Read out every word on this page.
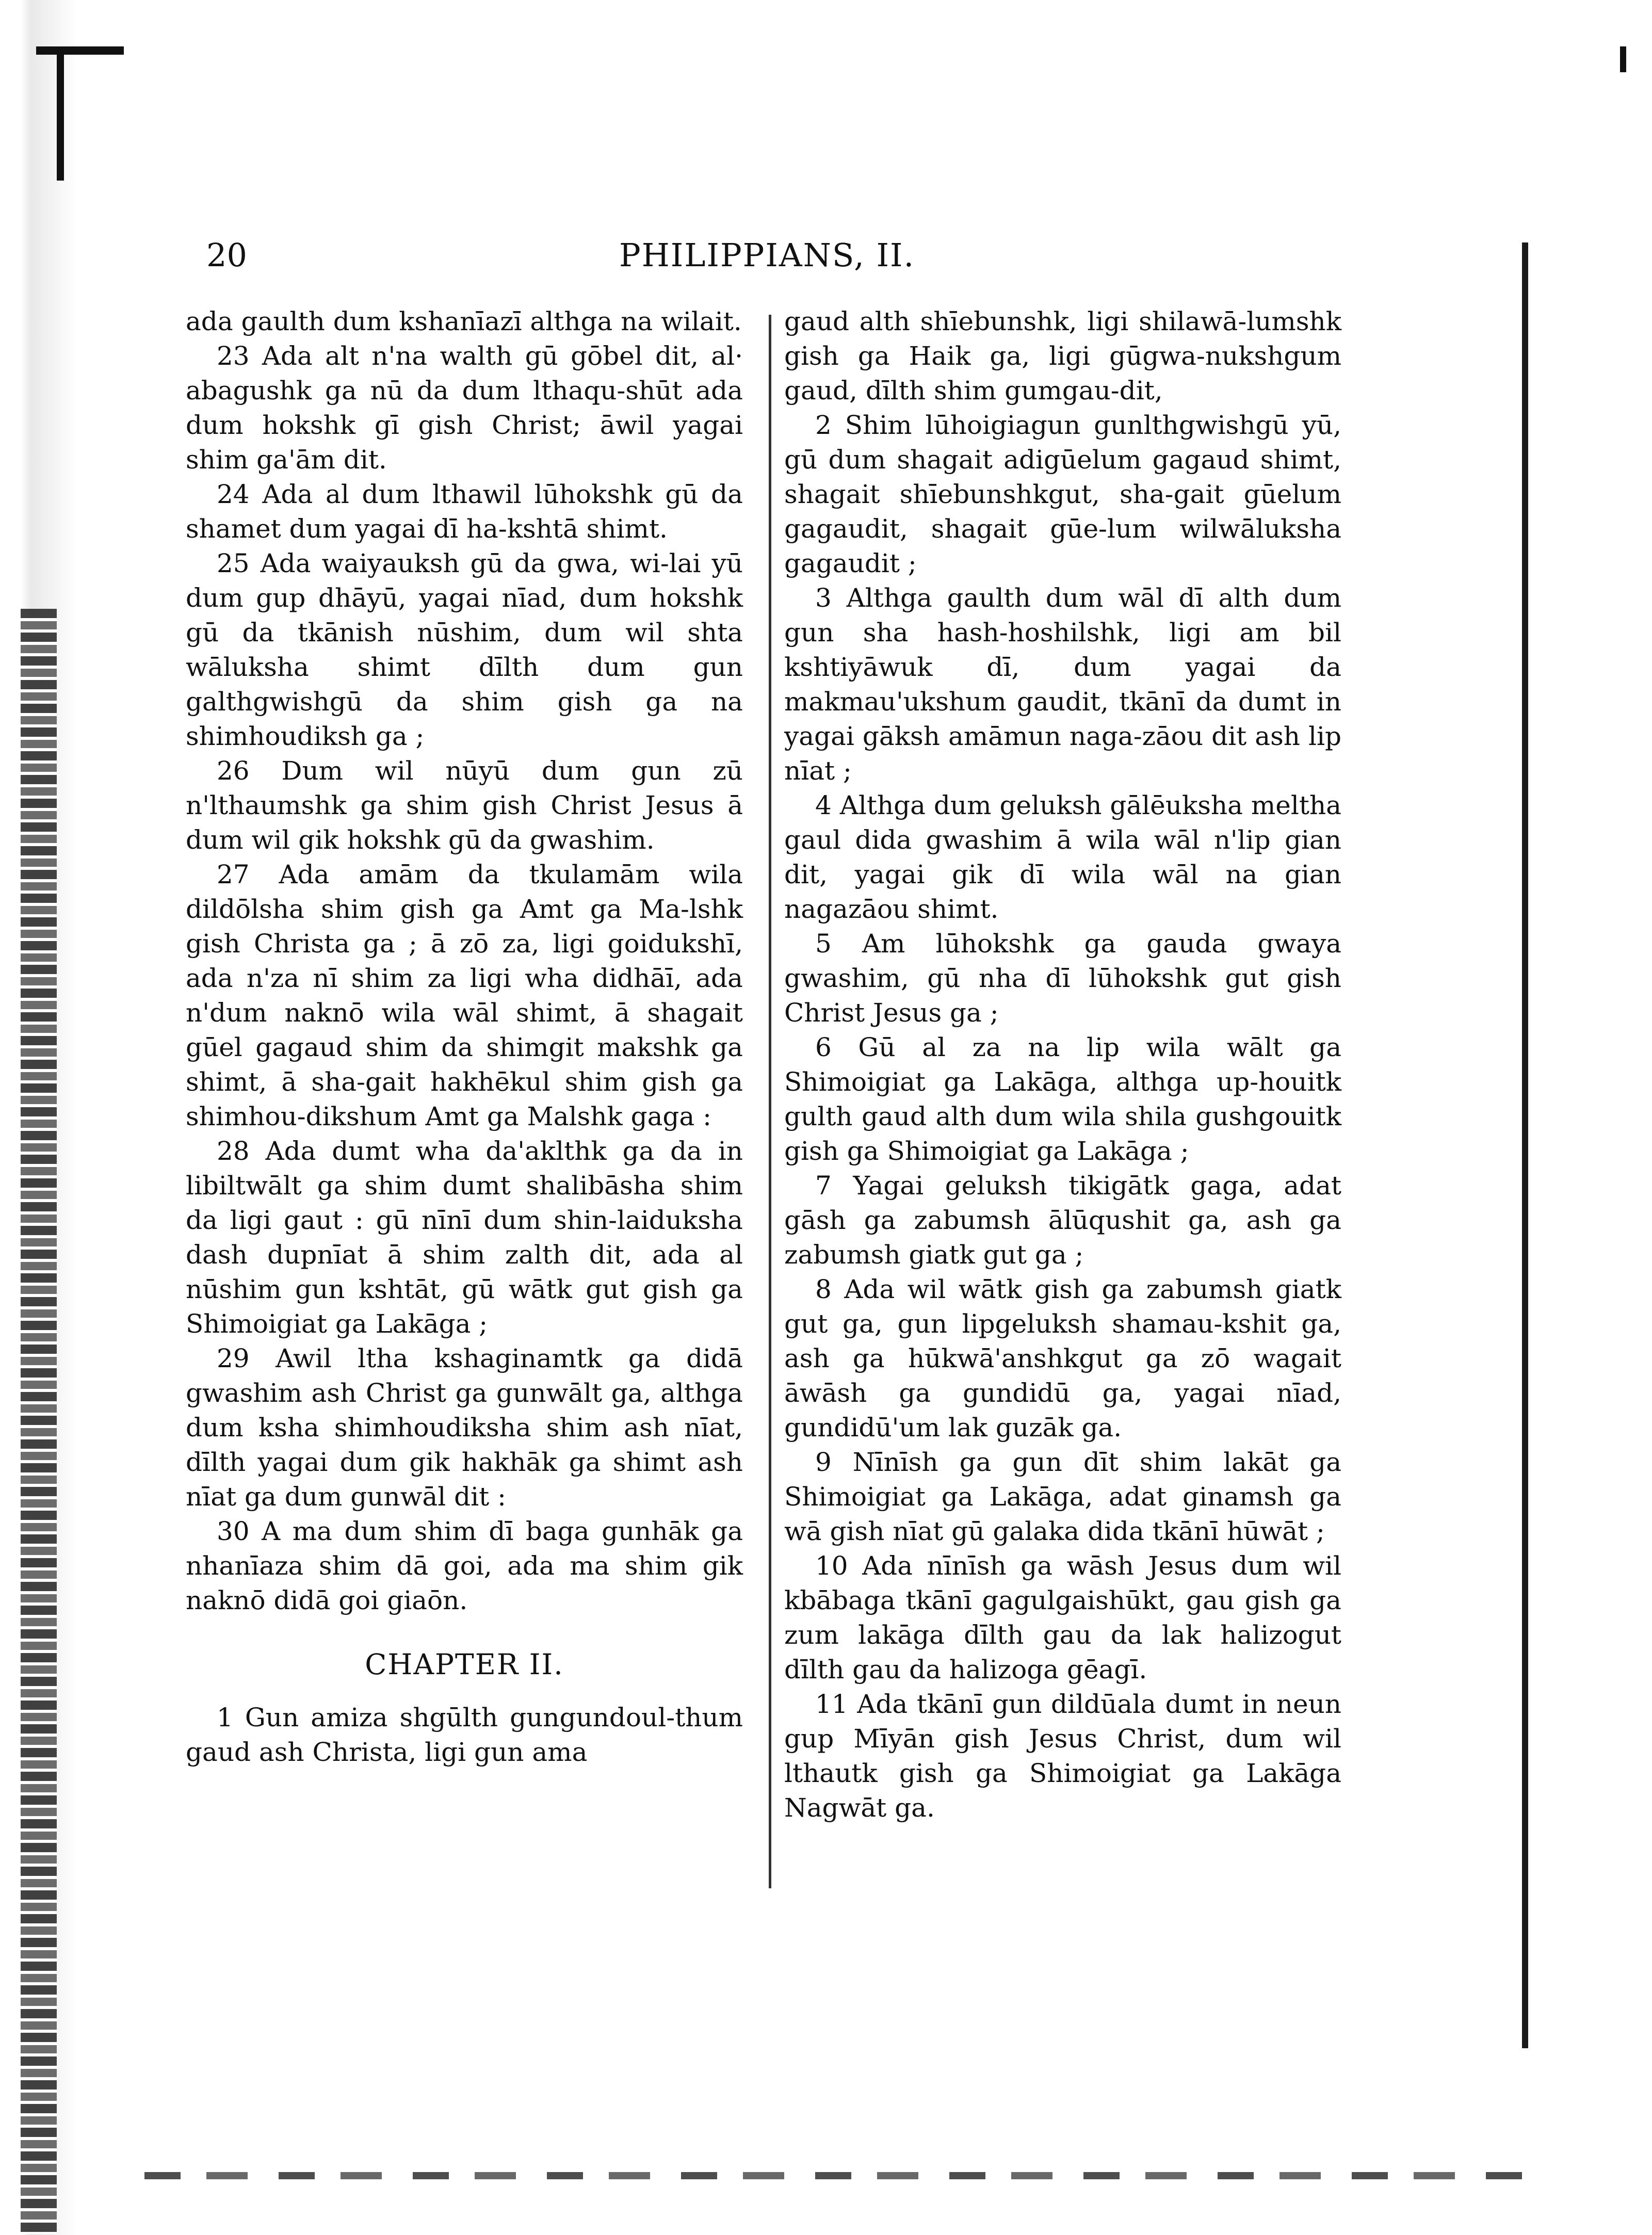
20	PHILIPPIANS, II.

ada gaulth dum kshanīazī althga na wilait.

23 Ada alt n'na walth gū gōbel dit, al· abagushk ga nū da dum lthaqu-shūt ada dum hokshk gī gish Christ; āwil yagai shim ga'ām dit.

24 Ada al dum lthawil lūhokshk gū da shamet dum yagai dī ha-kshtā shimt.

25 Ada waiyauksh gū da gwa, wi-lai yū dum gup dhāyū, yagai nīad, dum hokshk gū da tkānish nūshim, dum wil shta wāluksha shimt dīlth dum gun galthgwishgū da shim gish ga na shimhoudiksh ga ;

26 Dum wil nūyū dum gun zū n'lthaumshk ga shim gish Christ Jesus ā dum wil gik hokshk gū da gwashim.

27 Ada amām da tkulamām wila dildōlsha shim gish ga Amt ga Ma-lshk gish Christa ga ; ā zō za, ligi goidukshī, ada n'za nī shim za ligi wha didhāī, ada n'dum naknō wila wāl shimt, ā shagait gūel gagaud shim da shimgit makshk ga shimt, ā sha-gait hakhēkul shim gish ga shimhou-dikshum Amt ga Malshk gaga :

28 Ada dumt wha da'aklthk ga da in libiltwālt ga shim dumt shalibāsha shim da ligi gaut : gū nīnī dum shin-laiduksha dash dupnīat ā shim zalth dit, ada al nūshim gun kshtāt, gū wātk gut gish ga Shimoigiat ga Lakāga ;

29 Awil ltha kshaginamtk ga didā gwashim ash Christ ga gunwālt ga, althga dum ksha shimhoudiksha shim ash nīat, dīlth yagai dum gik hakhāk ga shimt ash nīat ga dum gunwāl dit :

30 A ma dum shim dī baga gunhāk ga nhanīaza shim dā goi, ada ma shim gik naknō didā goi giaōn.

CHAPTER II.

1 Gun amiza shgūlth gungundoul-thum gaud ash Christa, ligi gun ama

gaud alth shīebunshk, ligi shilawā-lumshk gish ga Haik ga, ligi gūgwa-nukshgum gaud, dīlth shim gumgau-dit,

2 Shim lūhoigiagun gunlthgwishgū yū, gū dum shagait adigūelum gagaud shimt, shagait shīebunshkgut, sha-gait gūelum gagaudit, shagait gūe-lum wilwāluksha gagaudit ;

3 Althga gaulth dum wāl dī alth dum gun sha hash-hoshilshk, ligi am bil kshtiyāwuk dī, dum yagai da makmau'ukshum gaudit, tkānī da dumt in yagai gāksh amāmun naga-zāou dit ash lip nīat ;

4 Althga dum geluksh gālēuksha meltha gaul dida gwashim ā wila wāl n'lip gian dit, yagai gik dī wila wāl na gian nagazāou shimt.

5 Am lūhokshk ga gauda gwaya gwashim, gū nha dī lūhokshk gut gish Christ Jesus ga ;

6 Gū al za na lip wila wālt ga Shimoigiat ga Lakāga, althga up-houitk gulth gaud alth dum wila shila gushgouitk gish ga Shimoigiat ga Lakāga ;

7 Yagai geluksh tikigātk gaga, adat gāsh ga zabumsh ālūqushit ga, ash ga zabumsh giatk gut ga ;

8 Ada wil wātk gish ga zabumsh giatk gut ga, gun lipgeluksh shamau-kshit ga, ash ga hūkwā'anshkgut ga zō wagait āwāsh ga gundidū ga, yagai nīad, gundidū'um lak guzāk ga.

9 Nīnīsh ga gun dīt shim lakāt ga Shimoigiat ga Lakāga, adat ginamsh ga wā gish nīat gū galaka dida tkānī hūwāt ;

10 Ada nīnīsh ga wāsh Jesus dum wil kbābaga tkānī gagulgaishūkt, gau gish ga zum lakāga dīlth gau da lak halizogut dīlth gau da halizoga gēagī.

11 Ada tkānī gun dildūala dumt in neun gup Mīyān gish Jesus Christ, dum wil lthautk gish ga Shimoigiat ga Lakāga Nagwāt ga.
